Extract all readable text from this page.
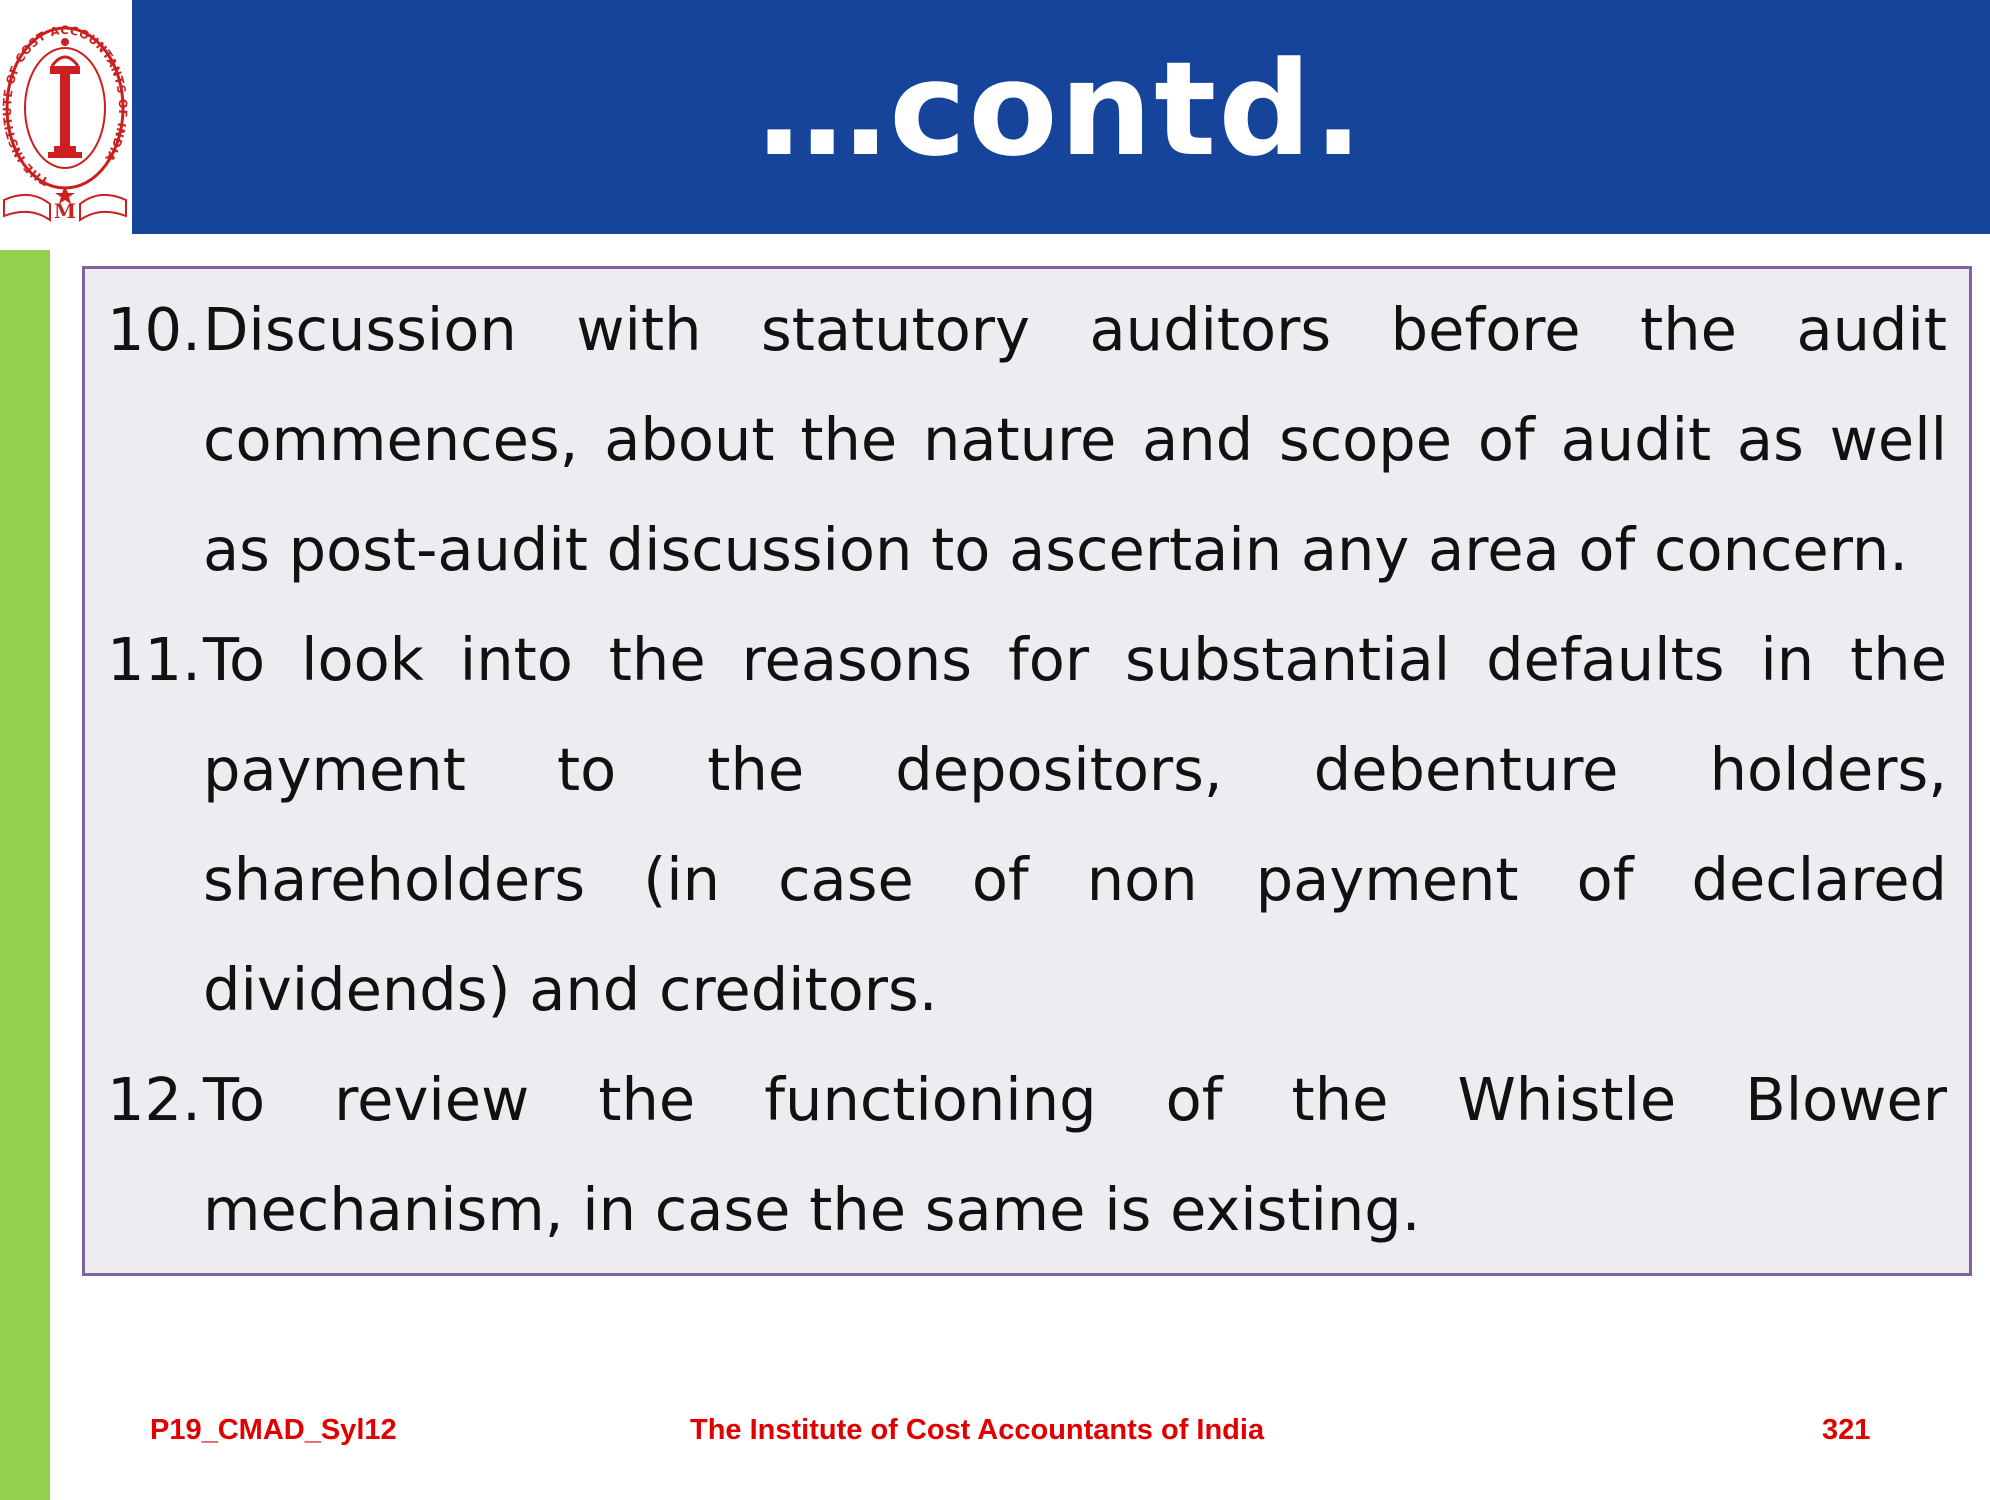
THE INSTITUTE OF COST ACCOUNTANTS OF INDIA
M
…contd.
10. Discussion with statutory auditors before the audit commences, about the nature and scope of audit as well as post-audit discussion to ascertain any area of concern.
11. To look into the reasons for substantial defaults in the payment to the depositors, debenture holders, shareholders (in case of non payment of declared dividends) and creditors.
12. To review the functioning of the Whistle Blower mechanism, in case the same is existing.
P19_CMAD_Syl12	The Institute of Cost Accountants of India	321
